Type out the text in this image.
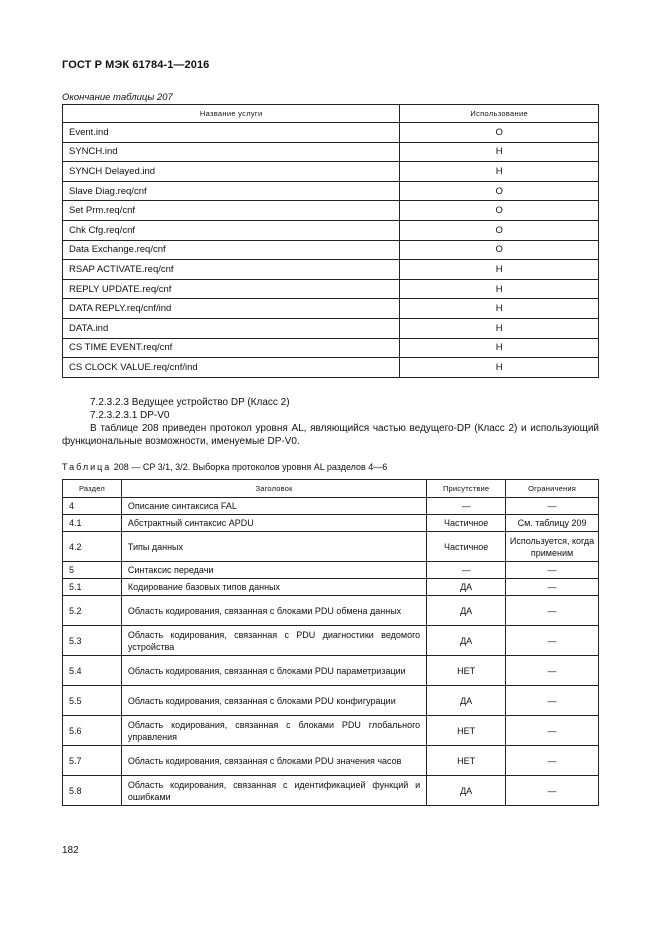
ГОСТ Р МЭК 61784-1—2016
Окончание таблицы 207
Название услуги	Использование
Event.ind	O
SYNCH.ind	H
SYNCH Delayed.ind	H
Slave Diag.req/cnf	O
Set Prm.req/cnf	O
Chk Cfg.req/cnf	O
Data Exchange.req/cnf	O
RSAP ACTIVATE.req/cnf	H
REPLY UPDATE.req/cnf	H
DATA REPLY.req/cnf/ind	H
DATA.ind	H
CS TIME EVENT.req/cnf	H
CS CLOCK VALUE.req/cnf/ind	H
7.2.3.2.3 Ведущее устройство DP (Класс 2)
7.2.3.2.3.1 DP-V0
В таблице 208 приведен протокол уровня AL, являющийся частью ведущего-DP (Класс 2) и использующий функциональные возможности, именуемые DP-V0.
Таблица 208 — CP 3/1, 3/2. Выборка протоколов уровня AL разделов 4—6
Раздел	Заголовок	Присутствие	Ограничения
4	Описание синтаксиса FAL	—	—
4.1	Абстрактный синтаксис APDU	Частичное	См. таблицу 209
4.2	Типы данных	Частичное	Используется, когда применим
5	Синтаксис передачи	—	—
5.1	Кодирование базовых типов данных	ДА	—
5.2	Область кодирования, связанная с блоками PDU обмена данных	ДА	—
5.3	Область кодирования, связанная с PDU диагностики ведомого устройства	ДА	—
5.4	Область кодирования, связанная с блоками PDU параметризации	НЕТ	—
5.5	Область кодирования, связанная с блоками PDU конфигурации	ДА	—
5.6	Область кодирования, связанная с блоками PDU глобального управления	НЕТ	—
5.7	Область кодирования, связанная с блоками PDU значения часов	НЕТ	—
5.8	Область кодирования, связанная с идентификацией функций и ошибками	ДА	—
182
